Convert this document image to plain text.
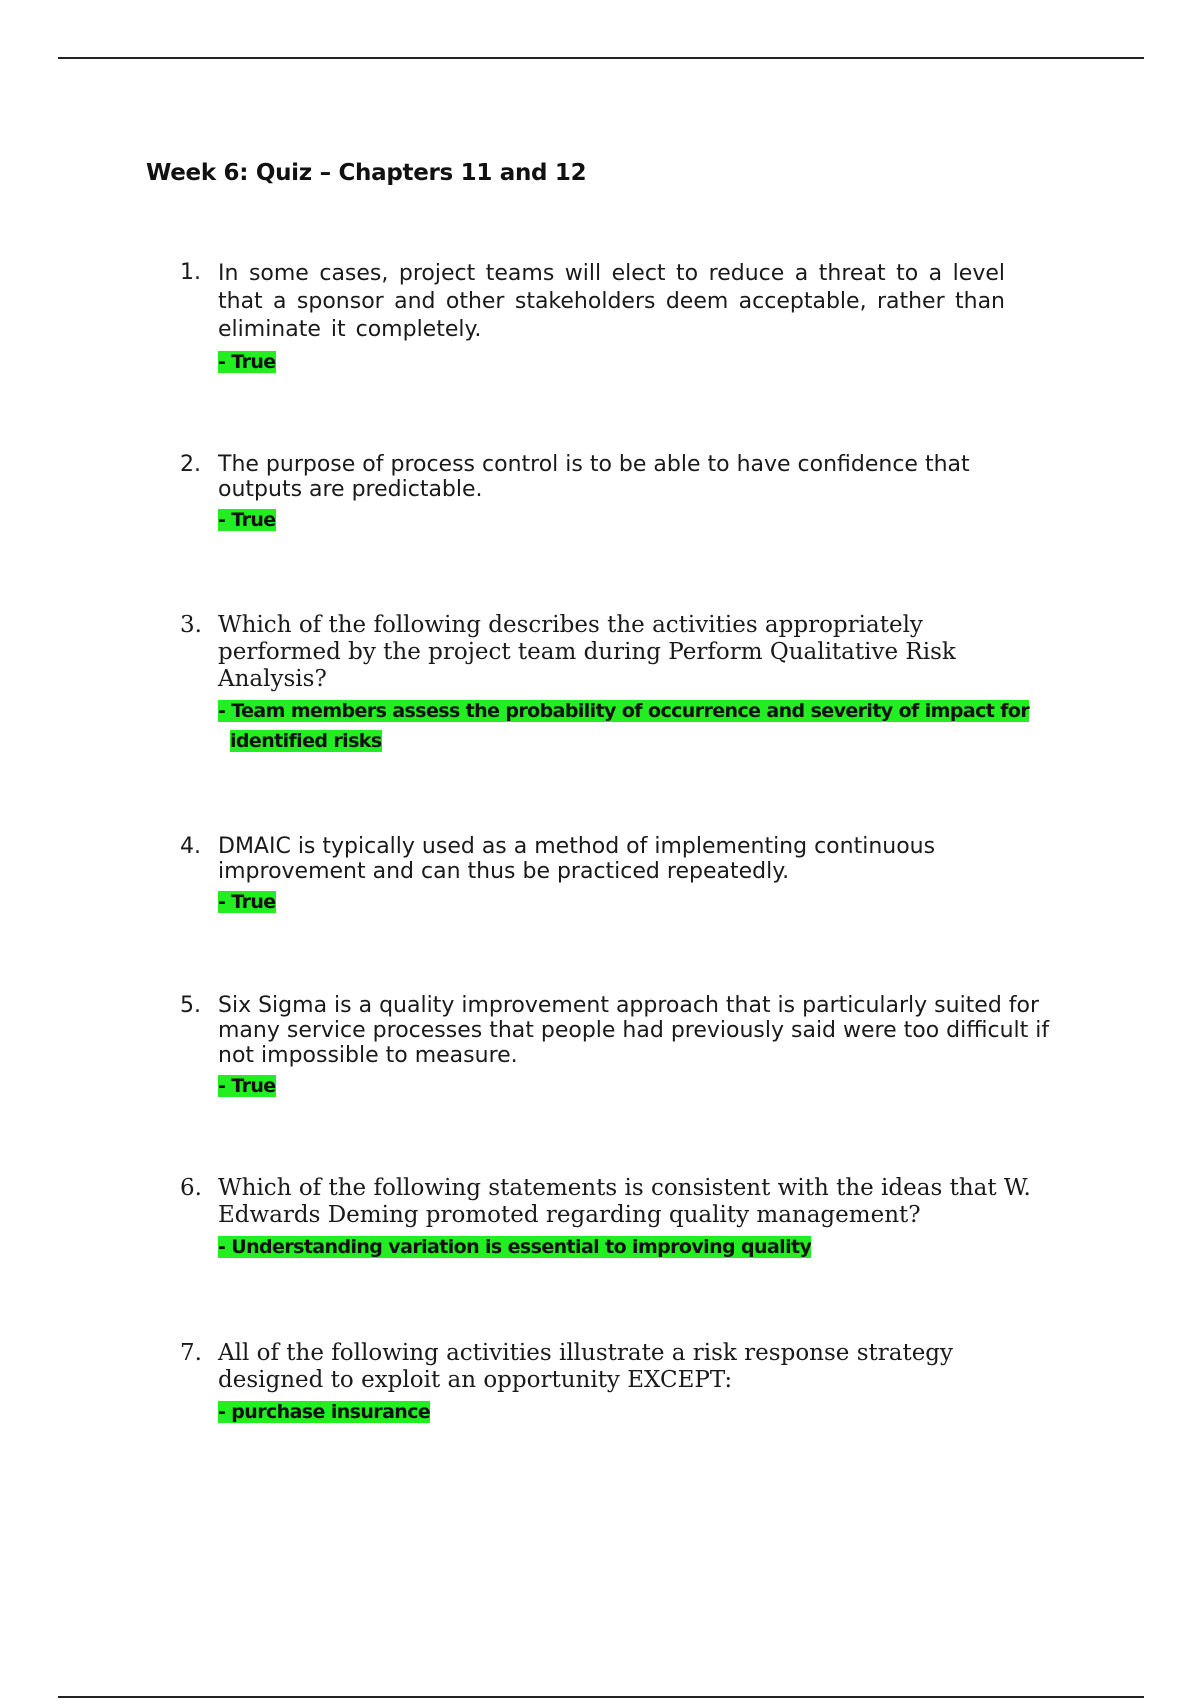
Week 6: Quiz – Chapters 11 and 12
1. In some cases, project teams will elect to reduce a threat to a level that a sponsor and other stakeholders deem acceptable, rather than eliminate it completely.
- True
2. The purpose of process control is to be able to have confidence that outputs are predictable.
- True
3. Which of the following describes the activities appropriately performed by the project team during Perform Qualitative Risk Analysis?
- Team members assess the probability of occurrence and severity of impact for identified risks
4. DMAIC is typically used as a method of implementing continuous improvement and can thus be practiced repeatedly.
- True
5. Six Sigma is a quality improvement approach that is particularly suited for many service processes that people had previously said were too difficult if not impossible to measure.
- True
6. Which of the following statements is consistent with the ideas that W. Edwards Deming promoted regarding quality management?
- Understanding variation is essential to improving quality
7. All of the following activities illustrate a risk response strategy designed to exploit an opportunity EXCEPT:
- purchase insurance
